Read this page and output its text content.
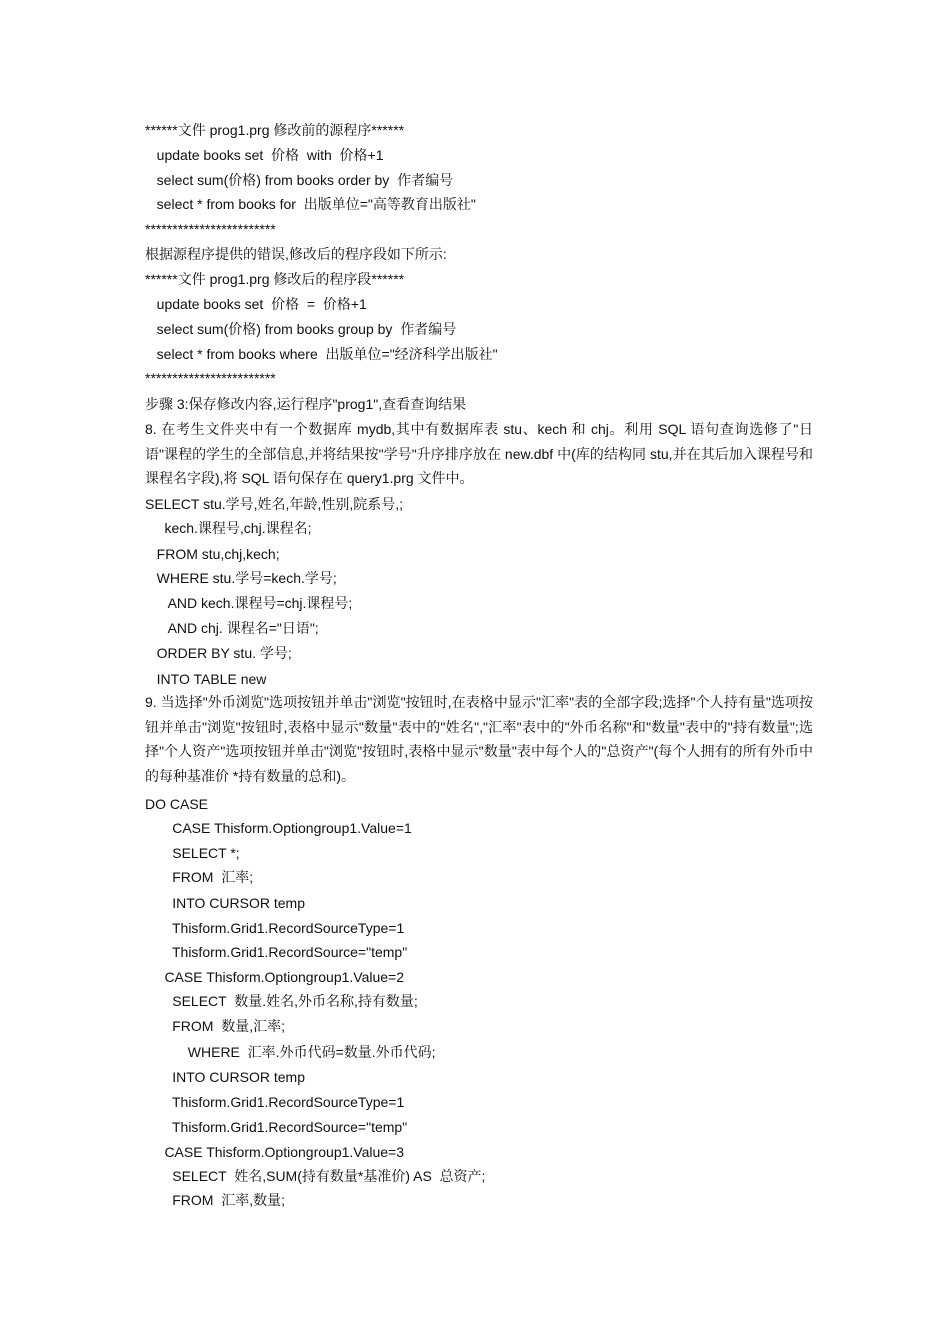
******文件 prog1.prg 修改前的源程序******
update books set  价格  with  价格+1
select sum(价格) from books order by  作者编号
select * from books for  出版单位="高等教育出版社"
************************
根据源程序提供的错误,修改后的程序段如下所示:
******文件 prog1.prg 修改后的程序段******
update books set  价格  =  价格+1
select sum(价格) from books group by  作者编号
select * from books where  出版单位="经济科学出版社"
************************
步骤 3:保存修改内容,运行程序"prog1",查看查询结果
8. 在考生文件夹中有一个数据库 mydb,其中有数据库表 stu、kech 和 chj。利用 SQL 语句查询选修了"日语"课程的学生的全部信息,并将结果按"学号"升序排序放在 new.dbf 中(库的结构同 stu,并在其后加入课程号和课程名字段),将 SQL 语句保存在 query1.prg 文件中。
SELECT stu.学号,姓名,年龄,性别,院系号,;
kech.课程号,chj.课程名;
FROM stu,chj,kech;
WHERE stu.学号=kech.学号;
AND kech.课程号=chj.课程号;
AND chj. 课程名="日语";
ORDER BY stu. 学号;
INTO TABLE new
9. 当选择"外币浏览"选项按钮并单击"浏览"按钮时,在表格中显示"汇率"表的全部字段;选择"个人持有量"选项按钮并单击"浏览"按钮时,表格中显示"数量"表中的"姓名","汇率"表中的"外币名称"和"数量"表中的"持有数量";选择"个人资产"选项按钮并单击"浏览"按钮时,表格中显示"数量"表中每个人的"总资产"(每个人拥有的所有外币中的每种基准价 *持有数量的总和)。
DO CASE
CASE Thisform.Optiongroup1.Value=1
SELECT *;
FROM  汇率;
INTO CURSOR temp
Thisform.Grid1.RecordSourceType=1
Thisform.Grid1.RecordSource="temp"
CASE Thisform.Optiongroup1.Value=2
SELECT  数量.姓名,外币名称,持有数量;
FROM  数量,汇率;
WHERE  汇率.外币代码=数量.外币代码;
INTO CURSOR temp
Thisform.Grid1.RecordSourceType=1
Thisform.Grid1.RecordSource="temp"
CASE Thisform.Optiongroup1.Value=3
SELECT  姓名,SUM(持有数量*基准价) AS  总资产;
FROM  汇率,数量;
